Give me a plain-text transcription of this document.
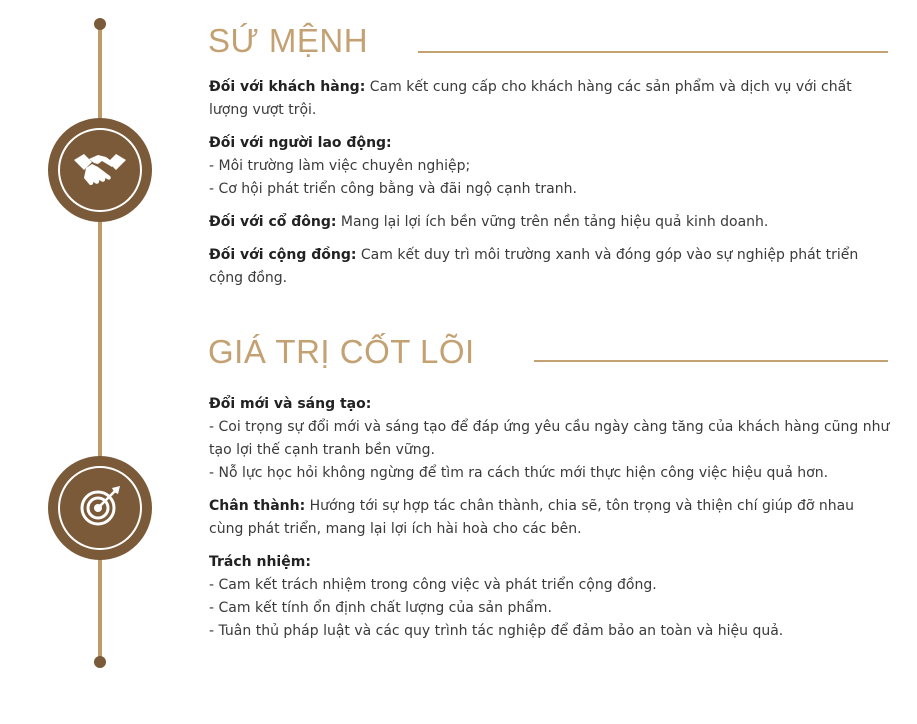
SỨ MỆNH

Đối với khách hàng: Cam kết cung cấp cho khách hàng các sản phẩm và dịch vụ với chất lượng vượt trội.

Đối với người lao động:
- Môi trường làm việc chuyên nghiệp;
- Cơ hội phát triển công bằng và đãi ngộ cạnh tranh.

Đối với cổ đông: Mang lại lợi ích bền vững trên nền tảng hiệu quả kinh doanh.

Đối với cộng đồng: Cam kết duy trì môi trường xanh và đóng góp vào sự nghiệp phát triển cộng đồng.

GIÁ TRỊ CỐT LÕI

Đổi mới và sáng tạo:
- Coi trọng sự đổi mới và sáng tạo để đáp ứng yêu cầu ngày càng tăng của khách hàng cũng như tạo lợi thế cạnh tranh bền vững.
- Nỗ lực học hỏi không ngừng để tìm ra cách thức mới thực hiện công việc hiệu quả hơn.

Chân thành: Hướng tới sự hợp tác chân thành, chia sẽ, tôn trọng và thiện chí giúp đỡ nhau cùng phát triển, mang lại lợi ích hài hoà cho các bên.

Trách nhiệm:
- Cam kết trách nhiệm trong công việc và phát triển cộng đồng.
- Cam kết tính ổn định chất lượng của sản phẩm.
- Tuân thủ pháp luật và các quy trình tác nghiệp để đảm bảo an toàn và hiệu quả.
